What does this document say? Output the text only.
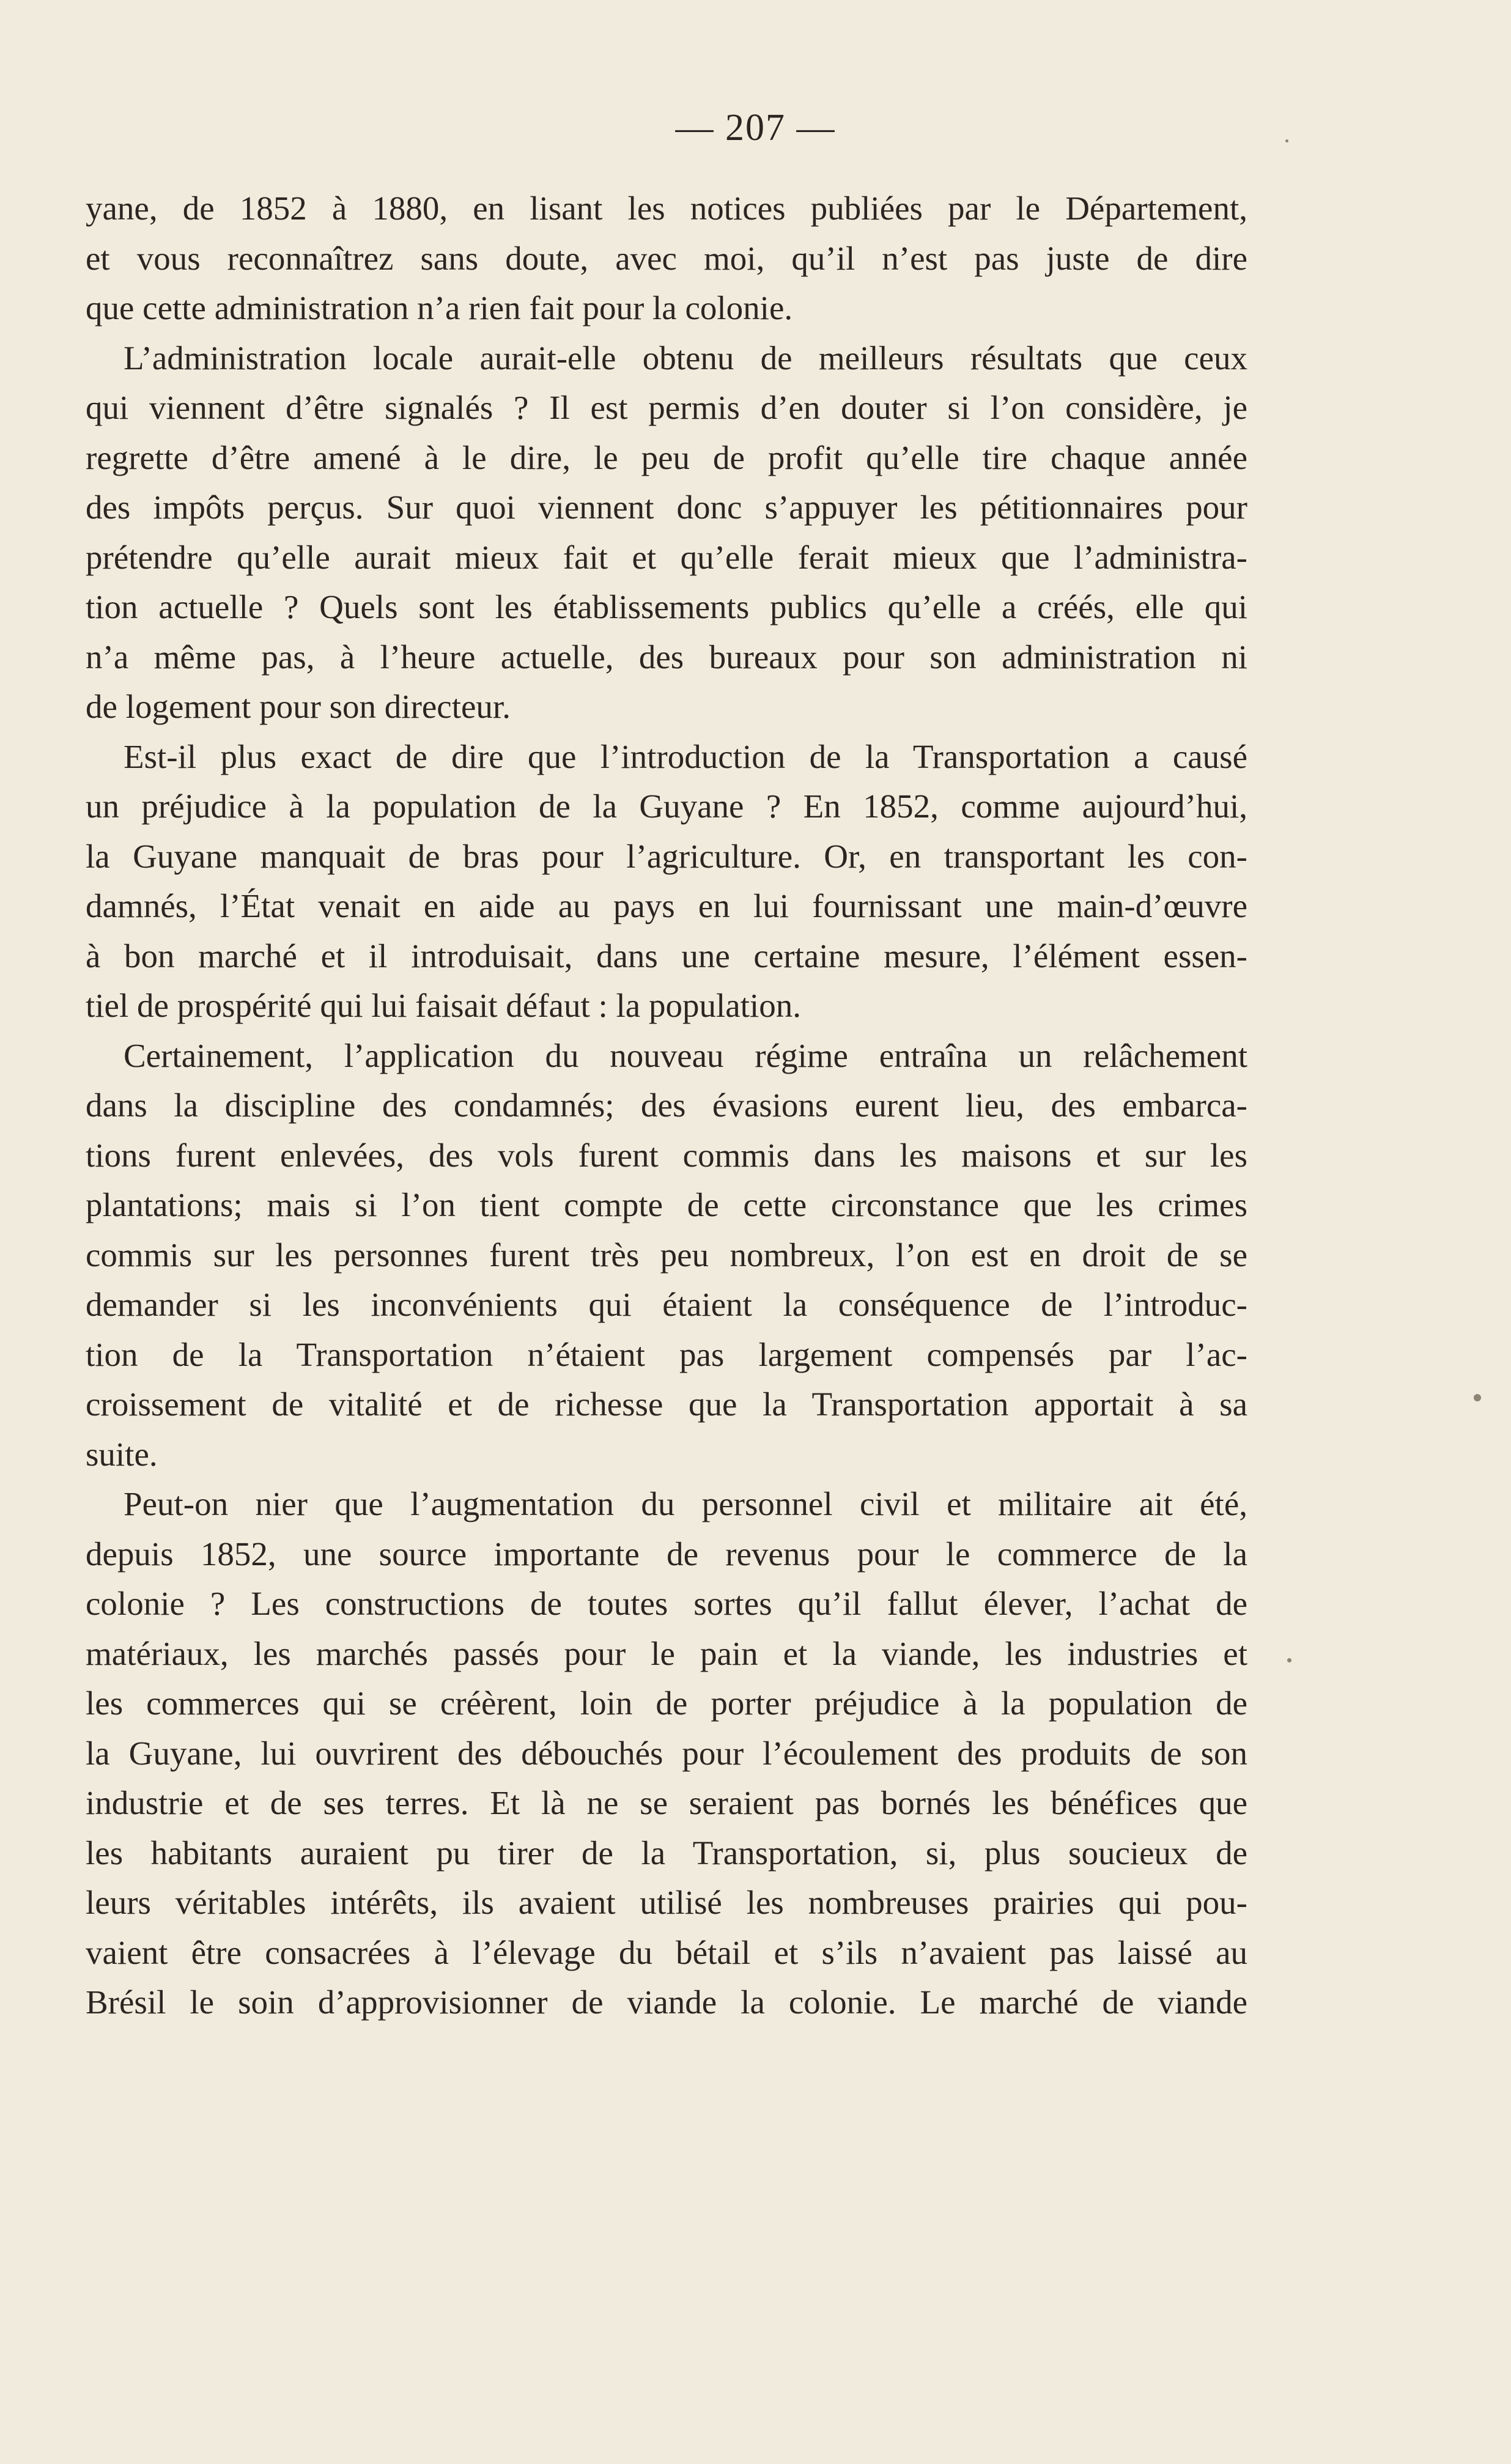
— 207 —
yane, de 1852 à 1880, en lisant les notices publiées par le Département,
et vous reconnaîtrez sans doute, avec moi, qu’il n’est pas juste de dire
que cette administration n’a rien fait pour la colonie.
L’administration locale aurait-elle obtenu de meilleurs résultats que ceux
qui viennent d’être signalés ? Il est permis d’en douter si l’on considère, je
regrette d’être amené à le dire, le peu de profit qu’elle tire chaque année
des impôts perçus. Sur quoi viennent donc s’appuyer les pétitionnaires pour
prétendre qu’elle aurait mieux fait et qu’elle ferait mieux que l’administra-
tion actuelle ? Quels sont les établissements publics qu’elle a créés, elle qui
n’a même pas, à l’heure actuelle, des bureaux pour son administration ni
de logement pour son directeur.
Est-il plus exact de dire que l’introduction de la Transportation a causé
un préjudice à la population de la Guyane ? En 1852, comme aujourd’hui,
la Guyane manquait de bras pour l’agriculture. Or, en transportant les con-
damnés, l’État venait en aide au pays en lui fournissant une main-d’œuvre
à bon marché et il introduisait, dans une certaine mesure, l’élément essen-
tiel de prospérité qui lui faisait défaut : la population.
Certainement, l’application du nouveau régime entraîna un relâchement
dans la discipline des condamnés; des évasions eurent lieu, des embarca-
tions furent enlevées, des vols furent commis dans les maisons et sur les
plantations; mais si l’on tient compte de cette circonstance que les crimes
commis sur les personnes furent très peu nombreux, l’on est en droit de se
demander si les inconvénients qui étaient la conséquence de l’introduc-
tion de la Transportation n’étaient pas largement compensés par l’ac-
croissement de vitalité et de richesse que la Transportation apportait à sa
suite.
Peut-on nier que l’augmentation du personnel civil et militaire ait été,
depuis 1852, une source importante de revenus pour le commerce de la
colonie ? Les constructions de toutes sortes qu’il fallut élever, l’achat de
matériaux, les marchés passés pour le pain et la viande, les industries et
les commerces qui se créèrent, loin de porter préjudice à la population de
la Guyane, lui ouvrirent des débouchés pour l’écoulement des produits de son
industrie et de ses terres. Et là ne se seraient pas bornés les bénéfices que
les habitants auraient pu tirer de la Transportation, si, plus soucieux de
leurs véritables intérêts, ils avaient utilisé les nombreuses prairies qui pou-
vaient être consacrées à l’élevage du bétail et s’ils n’avaient pas laissé au
Brésil le soin d’approvisionner de viande la colonie. Le marché de viande
